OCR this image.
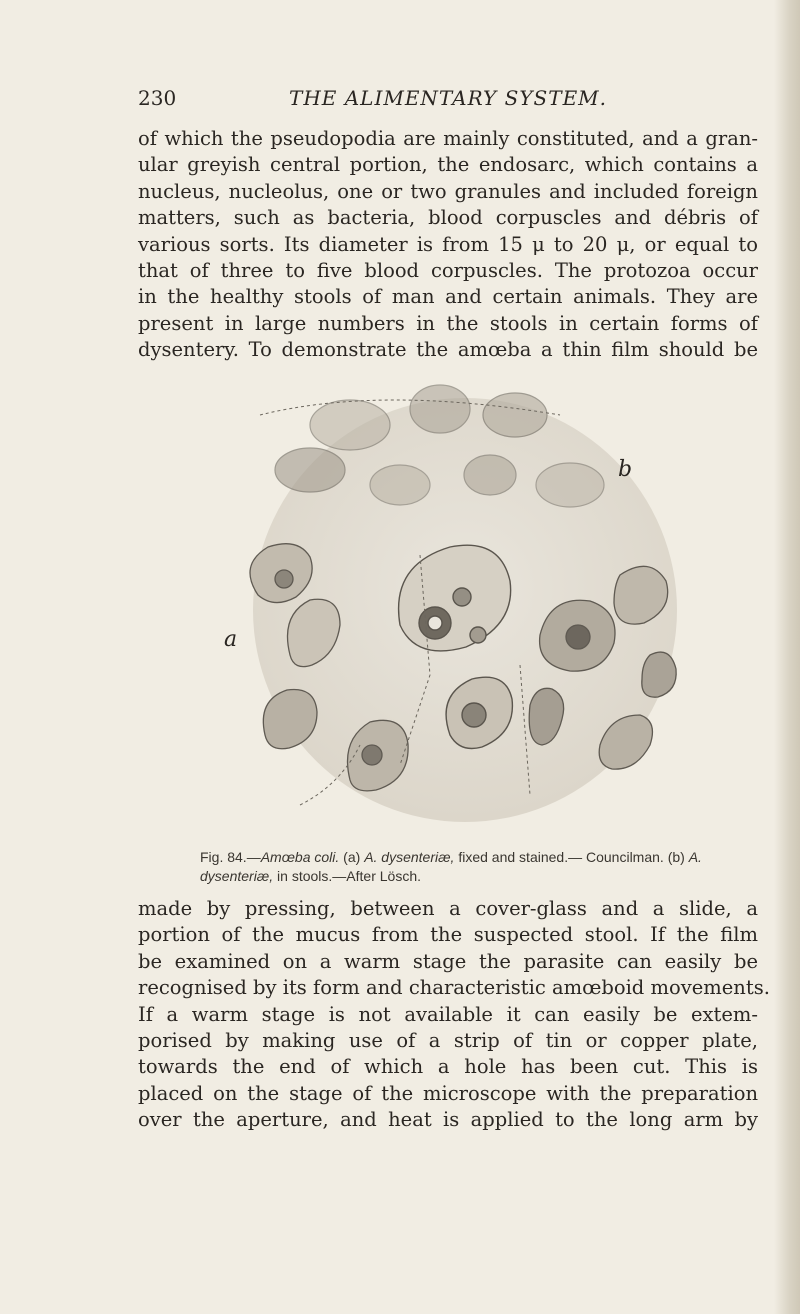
230	THE ALIMENTARY SYSTEM.
of which the pseudopodia are mainly constituted, and a gran-
ular greyish central portion, the endosarc, which contains a
nucleus, nucleolus, one or two granules and included foreign
matters, such as bacteria, blood corpuscles and débris of
various sorts. Its diameter is from 15 μ to 20 μ, or equal to
that of three to five blood corpuscles. The protozoa occur
in the healthy stools of man and certain animals. They are
present in large numbers in the stools in certain forms of
dysentery. To demonstrate the amœba a thin film should be
a
b
Fig. 84.—Amœba coli. (a) A. dysenteriæ, fixed and stained.— Councilman. (b) A. dysenteriæ, in stools.—After Lösch.
made by pressing, between a cover-glass and a slide, a
portion of the mucus from the suspected stool. If the film
be examined on a warm stage the parasite can easily be
recognised by its form and characteristic amœboid movements.
If a warm stage is not available it can easily be extem-
porised by making use of a strip of tin or copper plate,
towards the end of which a hole has been cut. This is
placed on the stage of the microscope with the preparation
over the aperture, and heat is applied to the long arm by
